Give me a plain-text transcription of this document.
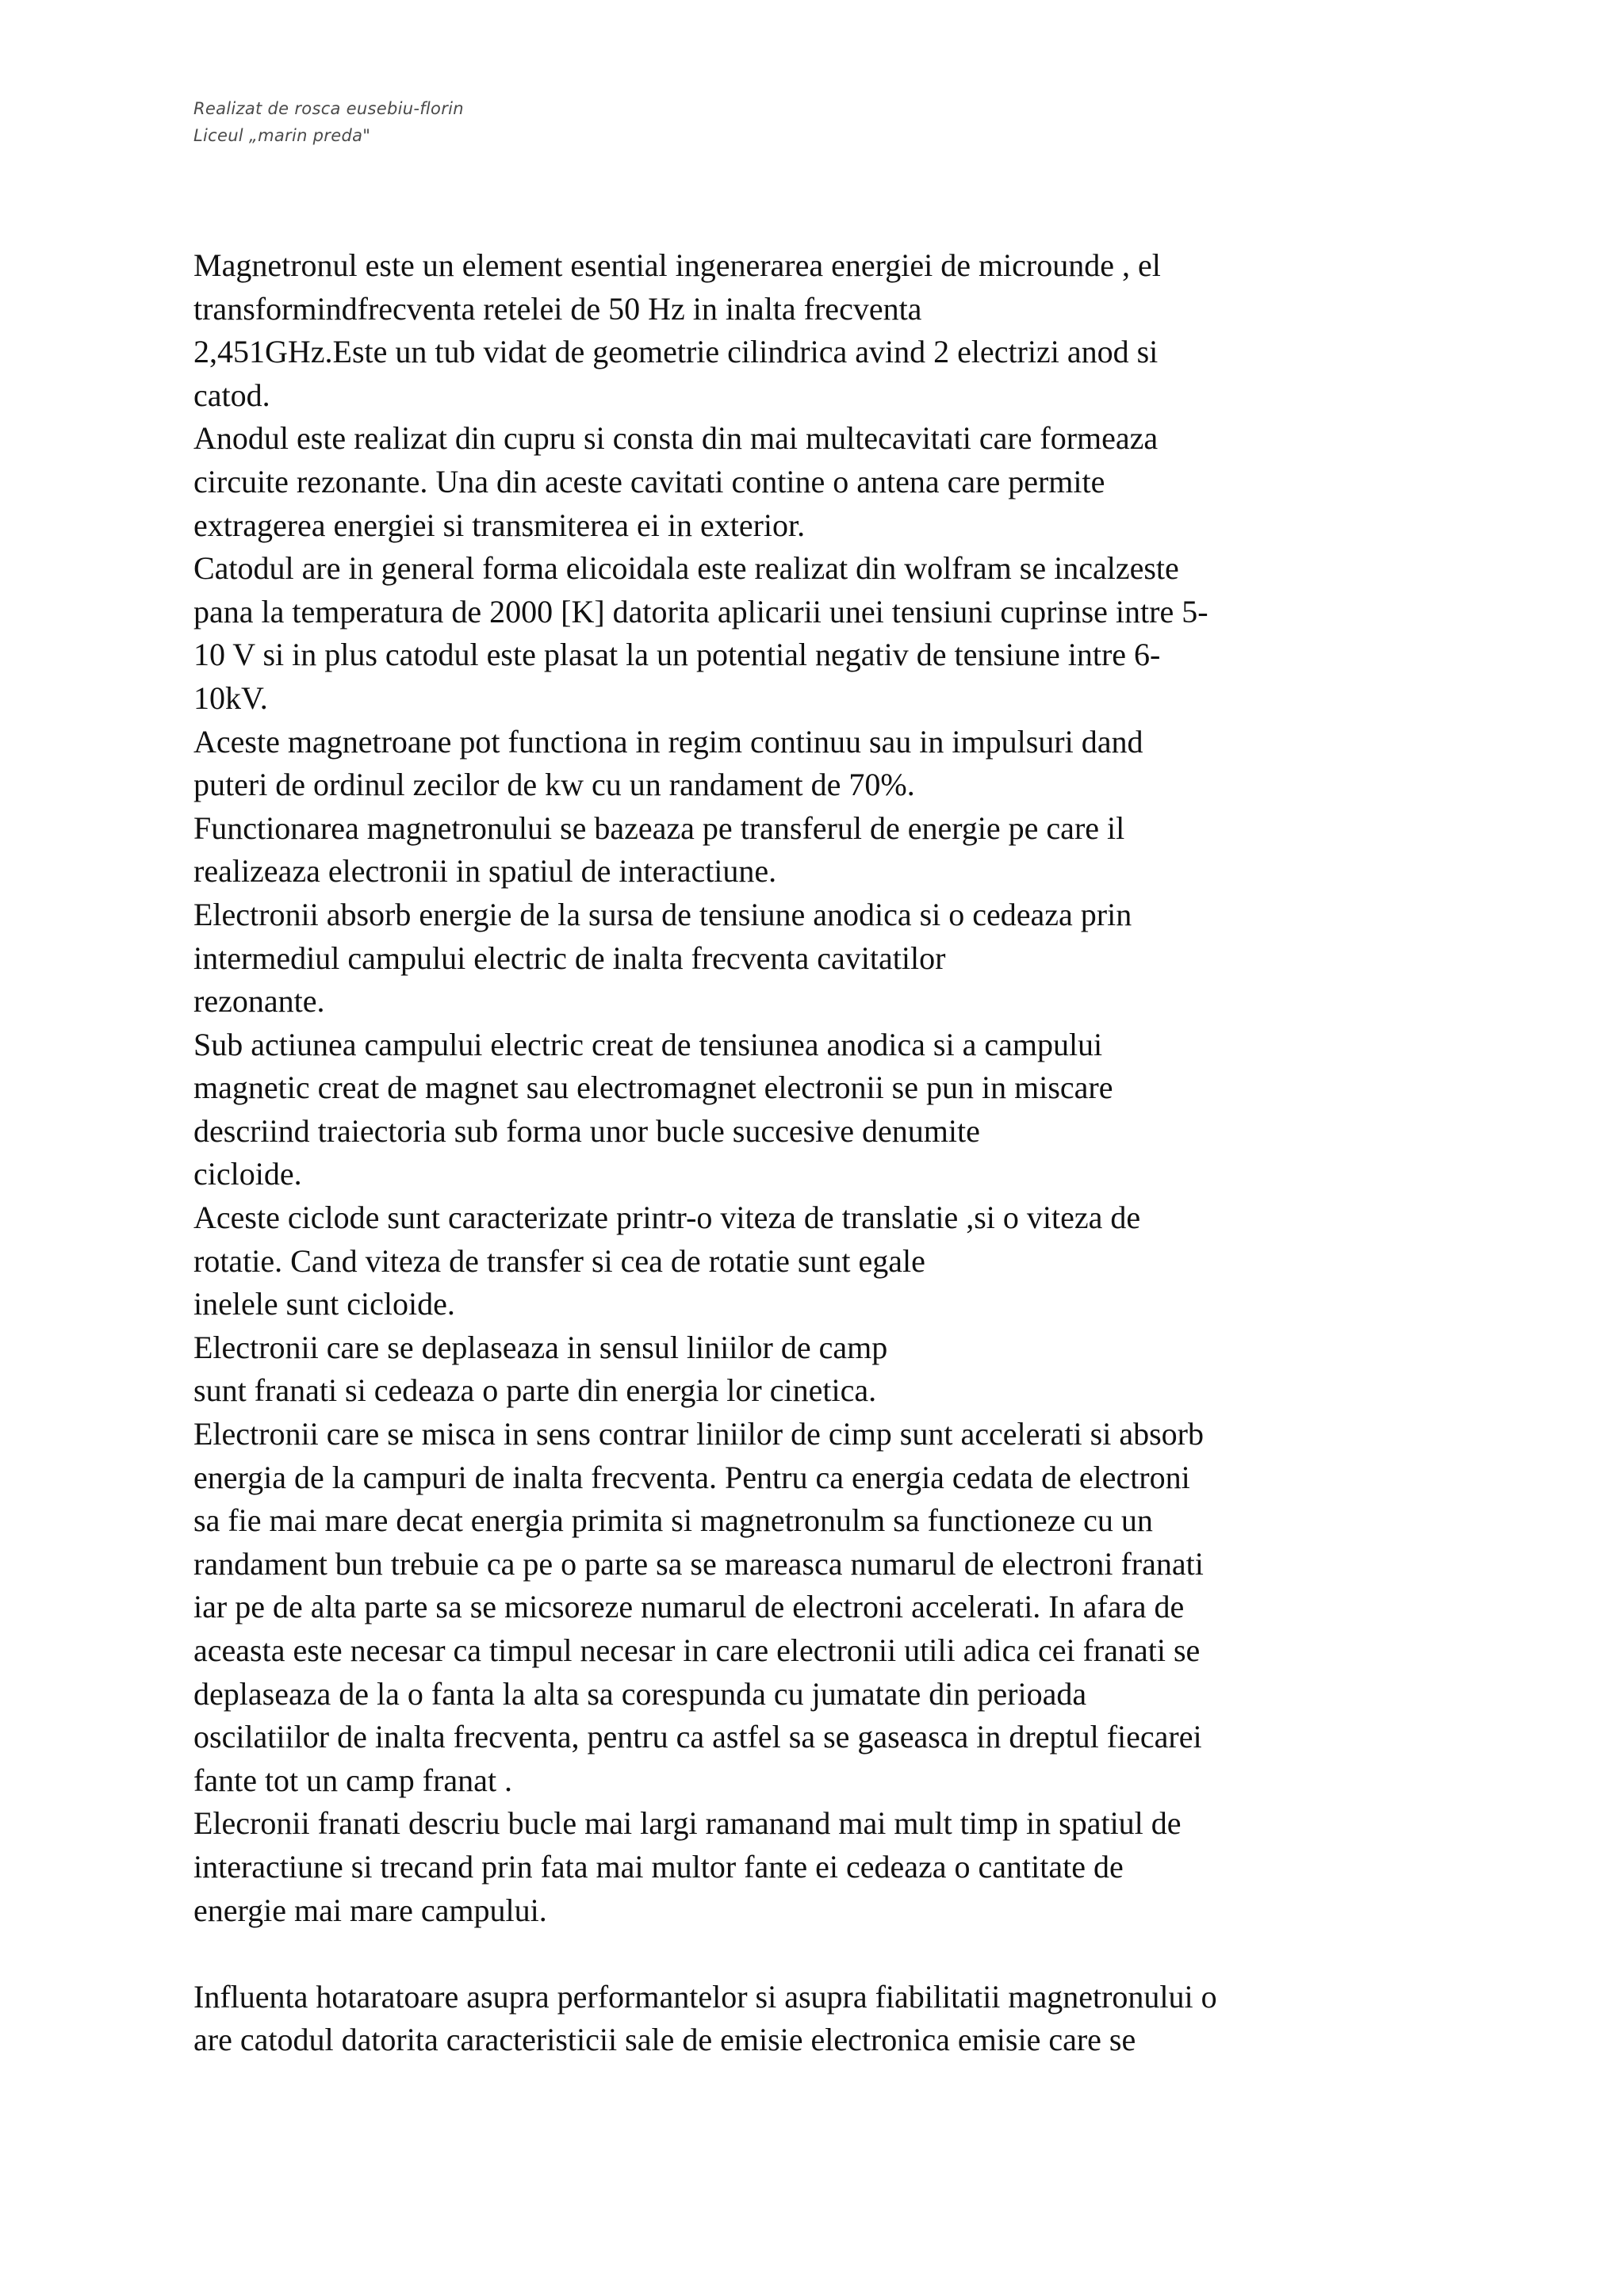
Realizat de rosca eusebiu-florin
Liceul „marin preda"
Magnetronul este un element esential ingenerarea energiei de microunde , el
transformindfrecventa retelei de 50 Hz in inalta frecventa
2,451GHz.Este un tub vidat de geometrie cilindrica avind 2 electrizi anod si
catod.
Anodul este realizat din cupru si consta din mai multecavitati care formeaza
circuite rezonante. Una din aceste cavitati contine o antena care permite
extragerea energiei si transmiterea ei in exterior.
Catodul are in general forma elicoidala este realizat din wolfram se incalzeste
pana la temperatura de 2000 [K] datorita aplicarii unei tensiuni cuprinse intre 5-
10 V si in plus catodul este plasat la un potential negativ de tensiune intre 6-
10kV.
Aceste magnetroane pot functiona in regim continuu sau in impulsuri dand
puteri de ordinul zecilor de kw cu un randament de 70%.
Functionarea magnetronului se bazeaza pe transferul de energie pe care il
realizeaza electronii in spatiul de interactiune.
Electronii absorb energie de la sursa de tensiune anodica si o cedeaza prin
intermediul campului electric de inalta frecventa cavitatilor
rezonante.
Sub actiunea campului electric creat de tensiunea anodica si a campului
magnetic creat de magnet sau electromagnet electronii se pun in miscare
descriind traiectoria sub forma unor bucle succesive denumite
cicloide.
Aceste ciclode sunt caracterizate printr-o viteza de translatie ,si o viteza de
rotatie. Cand viteza de transfer si cea de rotatie sunt egale
inelele sunt cicloide.
Electronii care se deplaseaza in sensul liniilor de camp
sunt franati si cedeaza o parte din energia lor cinetica.
Electronii care se misca in sens contrar liniilor de cimp sunt accelerati si absorb
energia de la campuri de inalta frecventa. Pentru ca energia cedata de electroni
sa fie mai mare decat energia primita si magnetronulm sa functioneze cu un
randament bun trebuie ca pe o parte sa se mareasca numarul de electroni franati
iar pe de alta parte sa se micsoreze numarul de electroni accelerati. In afara de
aceasta este necesar ca timpul necesar in care electronii utili adica cei franati se
deplaseaza de la o fanta la alta sa corespunda cu jumatate din perioada
oscilatiilor de inalta frecventa, pentru ca astfel sa se gaseasca in dreptul fiecarei
fante tot un camp franat .
Elecronii franati descriu bucle mai largi ramanand mai mult timp in spatiul de
interactiune si trecand prin fata mai multor fante ei cedeaza o cantitate de
energie mai mare campului.
Influenta hotaratoare asupra performantelor si asupra fiabilitatii magnetronului o
are catodul datorita caracteristicii sale de emisie electronica emisie care se
